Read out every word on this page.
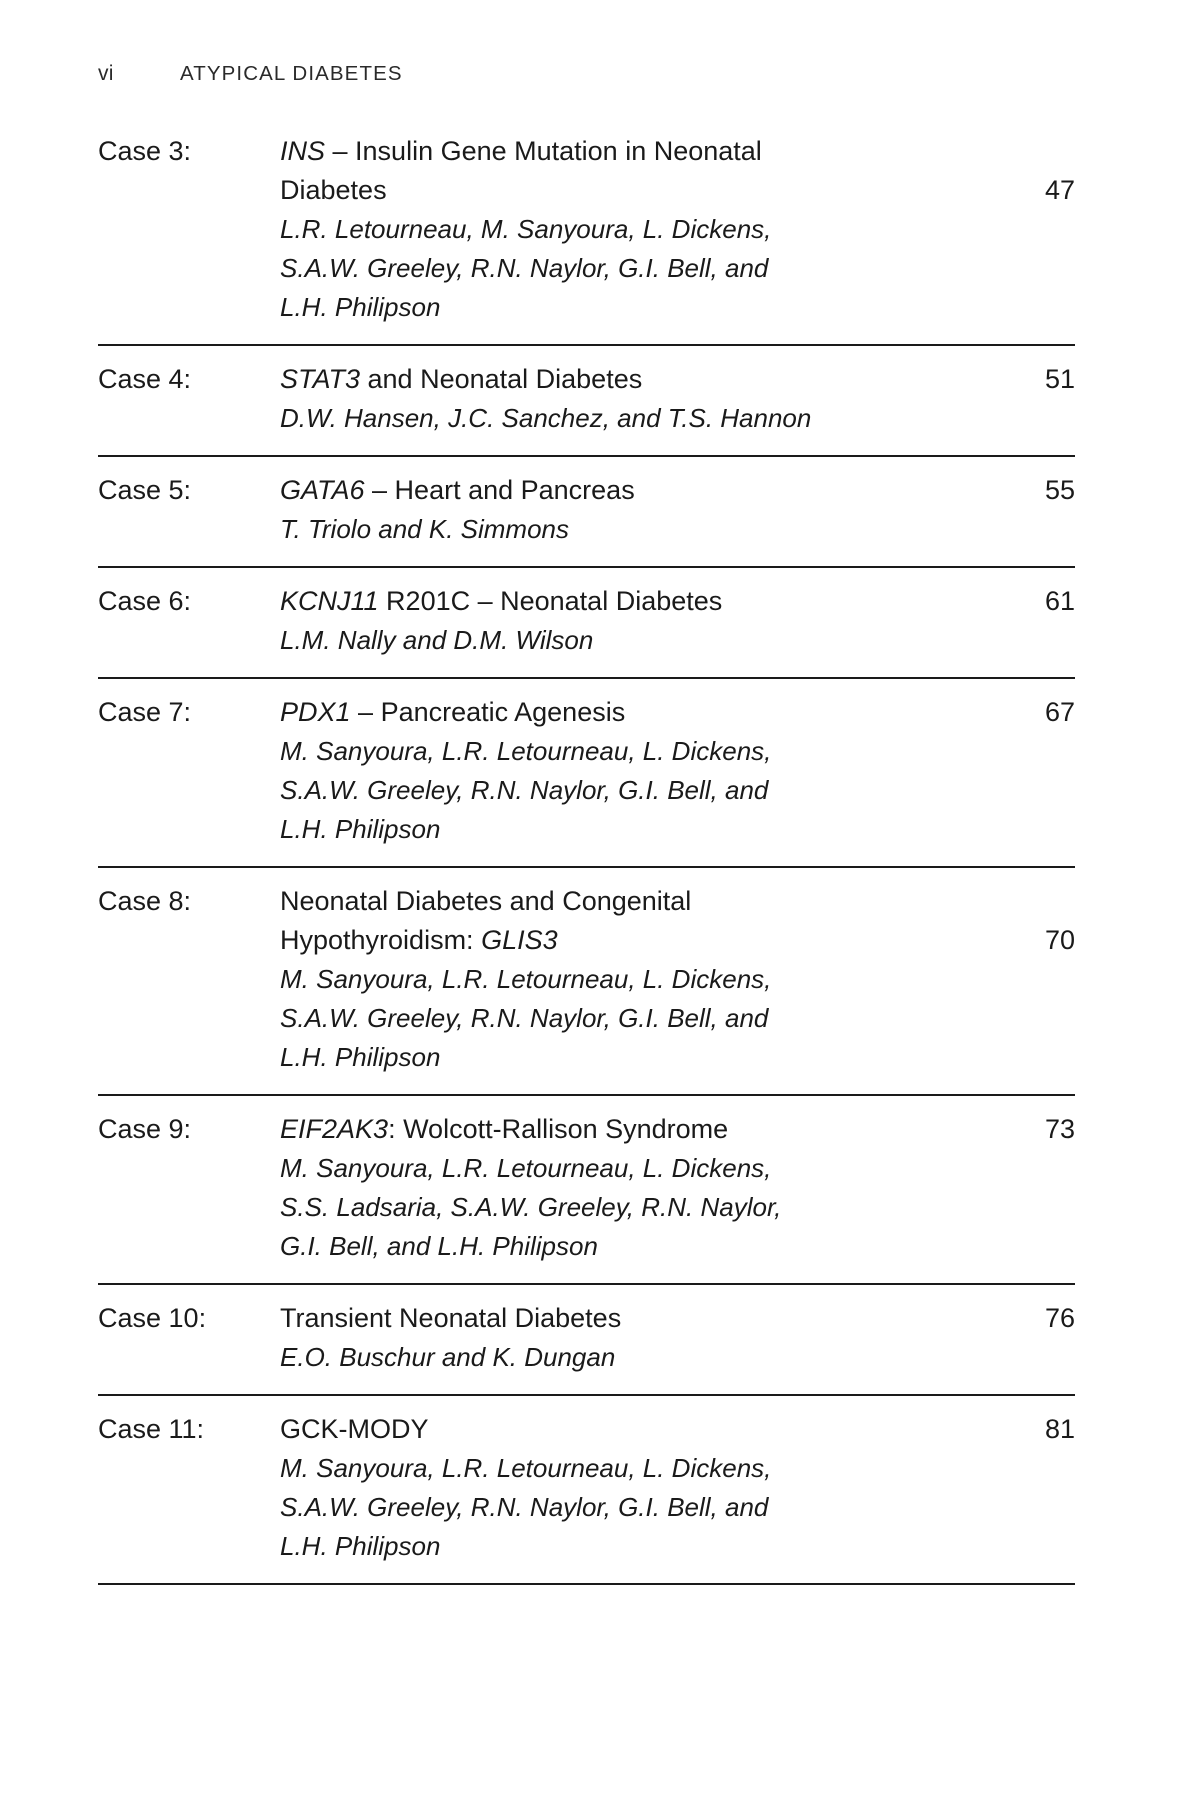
vi	ATYPICAL DIABETES
Case 3:	INS – Insulin Gene Mutation in Neonatal
Diabetes
L.R. Letourneau, M. Sanyoura, L. Dickens,
S.A.W. Greeley, R.N. Naylor, G.I. Bell, and
L.H. Philipson
47
Case 4:	STAT3 and Neonatal Diabetes
D.W. Hansen, J.C. Sanchez, and T.S. Hannon
51
Case 5:	GATA6 – Heart and Pancreas
T. Triolo and K. Simmons
55
Case 6:	KCNJ11 R201C – Neonatal Diabetes
L.M. Nally and D.M. Wilson
61
Case 7:	PDX1 – Pancreatic Agenesis
M. Sanyoura, L.R. Letourneau, L. Dickens,
S.A.W. Greeley, R.N. Naylor, G.I. Bell, and
L.H. Philipson
67
Case 8:	Neonatal Diabetes and Congenital
Hypothyroidism: GLIS3
M. Sanyoura, L.R. Letourneau, L. Dickens,
S.A.W. Greeley, R.N. Naylor, G.I. Bell, and
L.H. Philipson
70
Case 9:	EIF2AK3: Wolcott-Rallison Syndrome
M. Sanyoura, L.R. Letourneau, L. Dickens,
S.S. Ladsaria, S.A.W. Greeley, R.N. Naylor,
G.I. Bell, and L.H. Philipson
73
Case 10:	Transient Neonatal Diabetes
E.O. Buschur and K. Dungan
76
Case 11:	GCK-MODY
M. Sanyoura, L.R. Letourneau, L. Dickens,
S.A.W. Greeley, R.N. Naylor, G.I. Bell, and
L.H. Philipson
81
